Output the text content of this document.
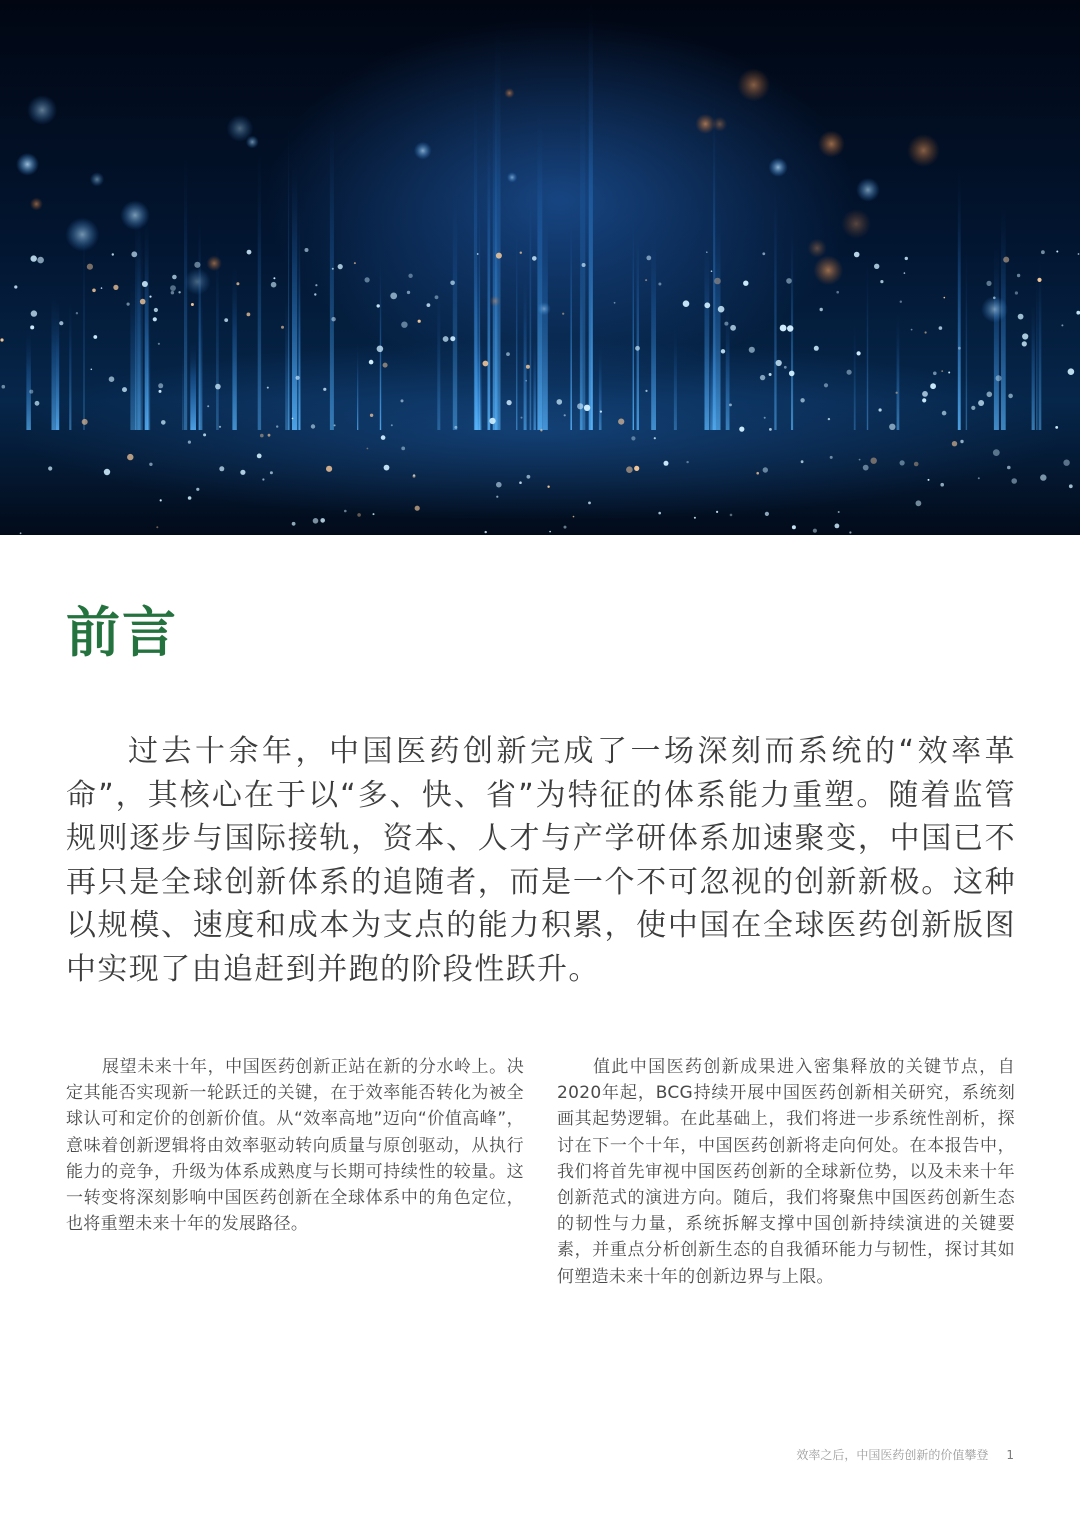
前言

过去十余年，中国医药创新完成了一场深刻而系统的“效率革命”，其核心在于以“多、快、省”为特征的体系能力重塑。随着监管规则逐步与国际接轨，资本、人才与产学研体系加速聚变，中国已不再只是全球创新体系的追随者，而是一个不可忽视的创新新极。这种以规模、速度和成本为支点的能力积累，使中国在全球医药创新版图中实现了由追赶到并跑的阶段性跃升。

展望未来十年，中国医药创新正站在新的分水岭上。决定其能否实现新一轮跃迁的关键，在于效率能否转化为被全球认可和定价的创新价值。从“效率高地”迈向“价值高峰”，意味着创新逻辑将由效率驱动转向质量与原创驱动，从执行能力的竞争，升级为体系成熟度与长期可持续性的较量。这一转变将深刻影响中国医药创新在全球体系中的角色定位，也将重塑未来十年的发展路径。

值此中国医药创新成果进入密集释放的关键节点，自2020年起，BCG持续开展中国医药创新相关研究，系统刻画其起势逻辑。在此基础上，我们将进一步系统性剖析，探讨在下一个十年，中国医药创新将走向何处。在本报告中，我们将首先审视中国医药创新的全球新位势，以及未来十年创新范式的演进方向。随后，我们将聚焦中国医药创新生态的韧性与力量，系统拆解支撑中国创新持续演进的关键要素，并重点分析创新生态的自我循环能力与韧性，探讨其如何塑造未来十年的创新边界与上限。

效率之后，中国医药创新的价值攀登 1
